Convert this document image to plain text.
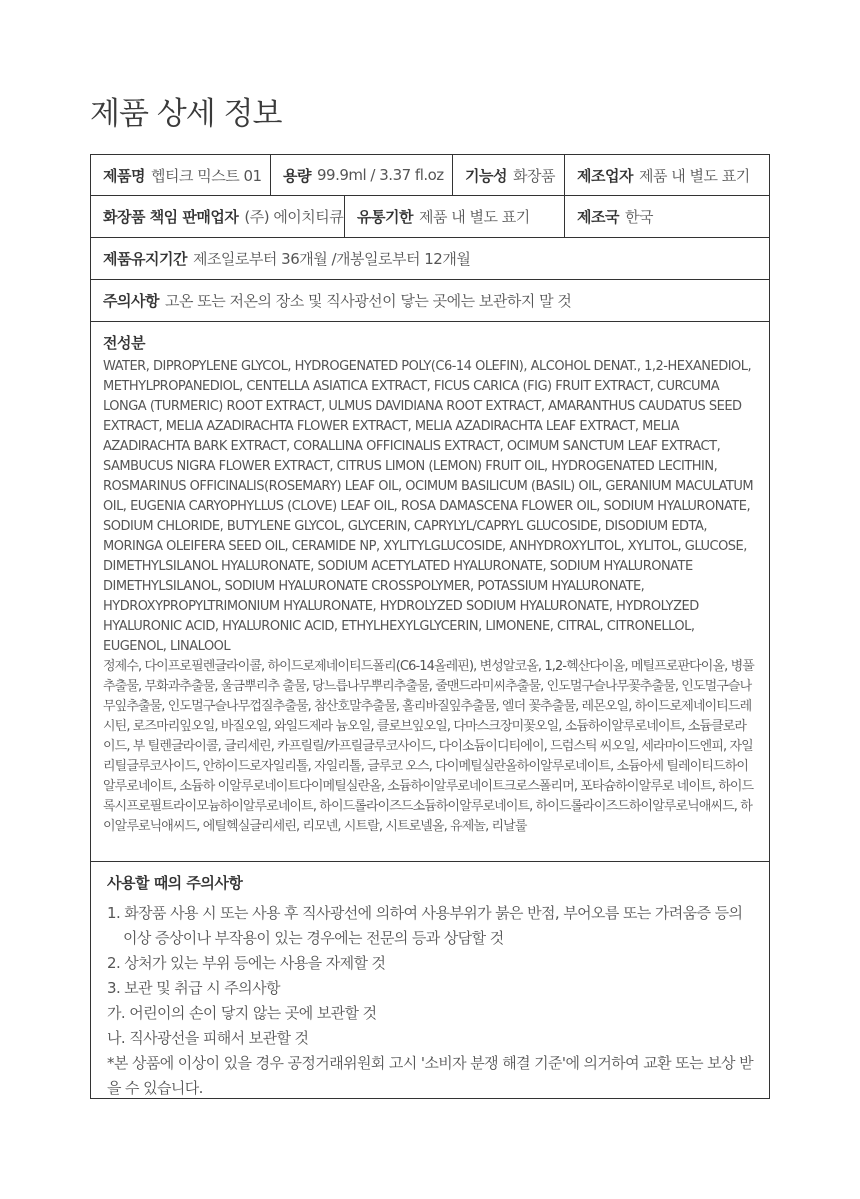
제품 상세 정보
제품명 헵티크 믹스트 01 용량 99.9ml / 3.37 fl.oz 기능성 화장품 제조업자 제품 내 별도 표기
화장품 책임 판매업자 (주) 에이치티큐 유통기한 제품 내 별도 표기	제조국 한국
제품유지기간 제조일로부터 36개월 /개봉일로부터 12개월
주의사항 고온 또는 저온의 장소 및 직사광선이 닿는 곳에는 보관하지 말 것
전성분
WATER, DIPROPYLENE GLYCOL, HYDROGENATED POLY(C6-14 OLEFIN), ALCOHOL DENAT., 1,2-HEXANEDIOL, METHYLPROPANEDIOL, CENTELLA ASIATICA EXTRACT, FICUS CARICA (FIG) FRUIT EXTRACT, CURCUMA LONGA (TURMERIC) ROOT EXTRACT, ULMUS DAVIDIANA ROOT EXTRACT, AMARANTHUS CAUDATUS SEED EXTRACT, MELIA AZADIRACHTA FLOWER EXTRACT, MELIA AZADIRACHTA LEAF EXTRACT, MELIA AZADIRACHTA BARK EXTRACT, CORALLINA OFFICINALIS EXTRACT, OCIMUM SANCTUM LEAF EXTRACT, SAMBUCUS NIGRA FLOWER EXTRACT, CITRUS LIMON (LEMON) FRUIT OIL, HYDROGENATED LECITHIN, ROSMARINUS OFFICINALIS(ROSEMARY) LEAF OIL, OCIMUM BASILICUM (BASIL) OIL, GERANIUM MACULATUM OIL, EUGENIA CARYOPHYLLUS (CLOVE) LEAF OIL, ROSA DAMASCENA FLOWER OIL, SODIUM HYALURONATE, SODIUM CHLORIDE, BUTYLENE GLYCOL, GLYCERIN, CAPRYLYL/CAPRYL GLUCOSIDE, DISODIUM EDTA, MORINGA OLEIFERA SEED OIL, CERAMIDE NP, XYLITYLGLUCOSIDE, ANHYDROXYLITOL, XYLITOL, GLUCOSE, DIMETHYLSILANOL HYALURONATE, SODIUM ACETYLATED HYALURONATE, SODIUM HYALURONATE DIMETHYLSILANOL, SODIUM HYALURONATE CROSSPOLYMER, POTASSIUM HYALURONATE, HYDROXYPROPYLTRIMONIUM HYALURONATE, HYDROLYZED SODIUM HYALURONATE, HYDROLYZED HYALURONIC ACID, HYALURONIC ACID, ETHYLHEXYLGLYCERIN, LIMONENE, CITRAL, CITRONELLOL, EUGENOL, LINALOOL
정제수, 다이프로필렌글라이콜, 하이드로제네이티드폴리(C6-14올레핀), 변성알코올, 1,2-헥산다이올, 메틸프로판다이올, 병풀추출물, 무화과추출물, 울금뿌리추 출물, 당느릅나무뿌리추출물, 줄맨드라미씨추출물, 인도멀구슬나무꽃추출물, 인도멀구슬나무잎추출물, 인도멀구슬나무껍질추출물, 참산호말추출물, 홀리바질잎추출물, 엘더 꽃추출물, 레몬오일, 하이드로제네이티드레시틴, 로즈마리잎오일, 바질오일, 와일드제라 늄오일, 클로브잎오일, 다마스크장미꽃오일, 소듐하이알루로네이트, 소듐클로라이드, 부 틸렌글라이콜, 글리세린, 카프릴릴/카프릴글루코사이드, 다이소듐이디티에이, 드럼스틱 씨오일, 세라마이드엔피, 자일리틸글루코사이드, 안하이드로자일리톨, 자일리톨, 글루코 오스, 다이메틸실란올하이알루로네이트, 소듐아세 틸레이티드하이알루로네이트, 소듐하 이알루로네이트다이메틸실란올, 소듐하이알루로네이트크로스폴리머, 포타슘하이알루로 네이트, 하이드록시프로필트라이모늄하이알루로네이트, 하이드롤라이즈드소듐하이알루로네이트, 하이드롤라이즈드하이알루로닉애씨드, 하이알루로닉애씨드, 에틸헥실글리세린, 리모넨, 시트랄, 시트로넬올, 유제놀, 리날룰
사용할 때의 주의사항
1. 화장품 사용 시 또는 사용 후 직사광선에 의하여 사용부위가 붉은 반점, 부어오름 또는 가려움증 등의 이상 증상이나 부작용이 있는 경우에는 전문의 등과 상담할 것
2. 상처가 있는 부위 등에는 사용을 자제할 것
3. 보관 및 취급 시 주의사항
가. 어린이의 손이 닿지 않는 곳에 보관할 것
나. 직사광선을 피해서 보관할 것
*본 상품에 이상이 있을 경우 공정거래위원회 고시 '소비자 분쟁 해결 기준'에 의거하여 교환 또는 보상 받을 수 있습니다.
